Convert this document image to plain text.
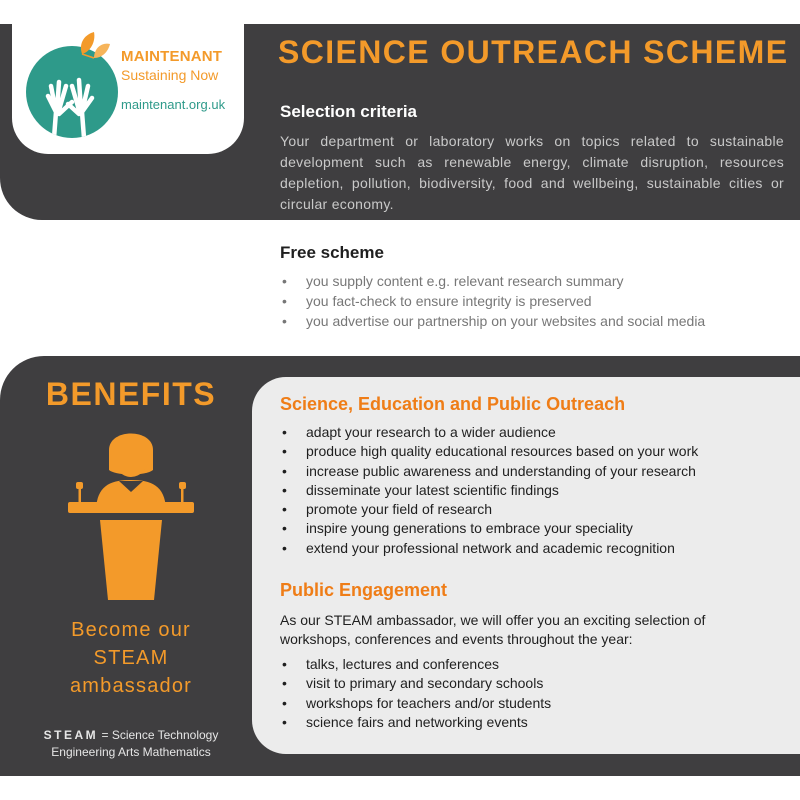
MAINTENANT
Sustaining Now
maintenant.org.uk
SCIENCE OUTREACH SCHEME
Selection criteria
Your department or laboratory works on topics related to sustainable development such as renewable energy, climate disruption, resources depletion, pollution, biodiversity, food and wellbeing, sustainable cities or circular economy.
Free scheme
• you supply content e.g. relevant research summary
• you fact-check to ensure integrity is preserved
• you advertise our partnership on your websites and social media
BENEFITS
Become our
STEAM
ambassador
STEAM = Science Technology
Engineering Arts Mathematics
Science, Education and Public Outreach
• adapt your research to a wider audience
• produce high quality educational resources based on your work
• increase public awareness and understanding of your research
• disseminate your latest scientific findings
• promote your field of research
• inspire young generations to embrace your speciality
• extend your professional network and academic recognition
Public Engagement
As our STEAM ambassador, we will offer you an exciting selection of workshops, conferences and events throughout the year:
• talks, lectures and conferences
• visit to primary and secondary schools
• workshops for teachers and/or students
• science fairs and networking events
